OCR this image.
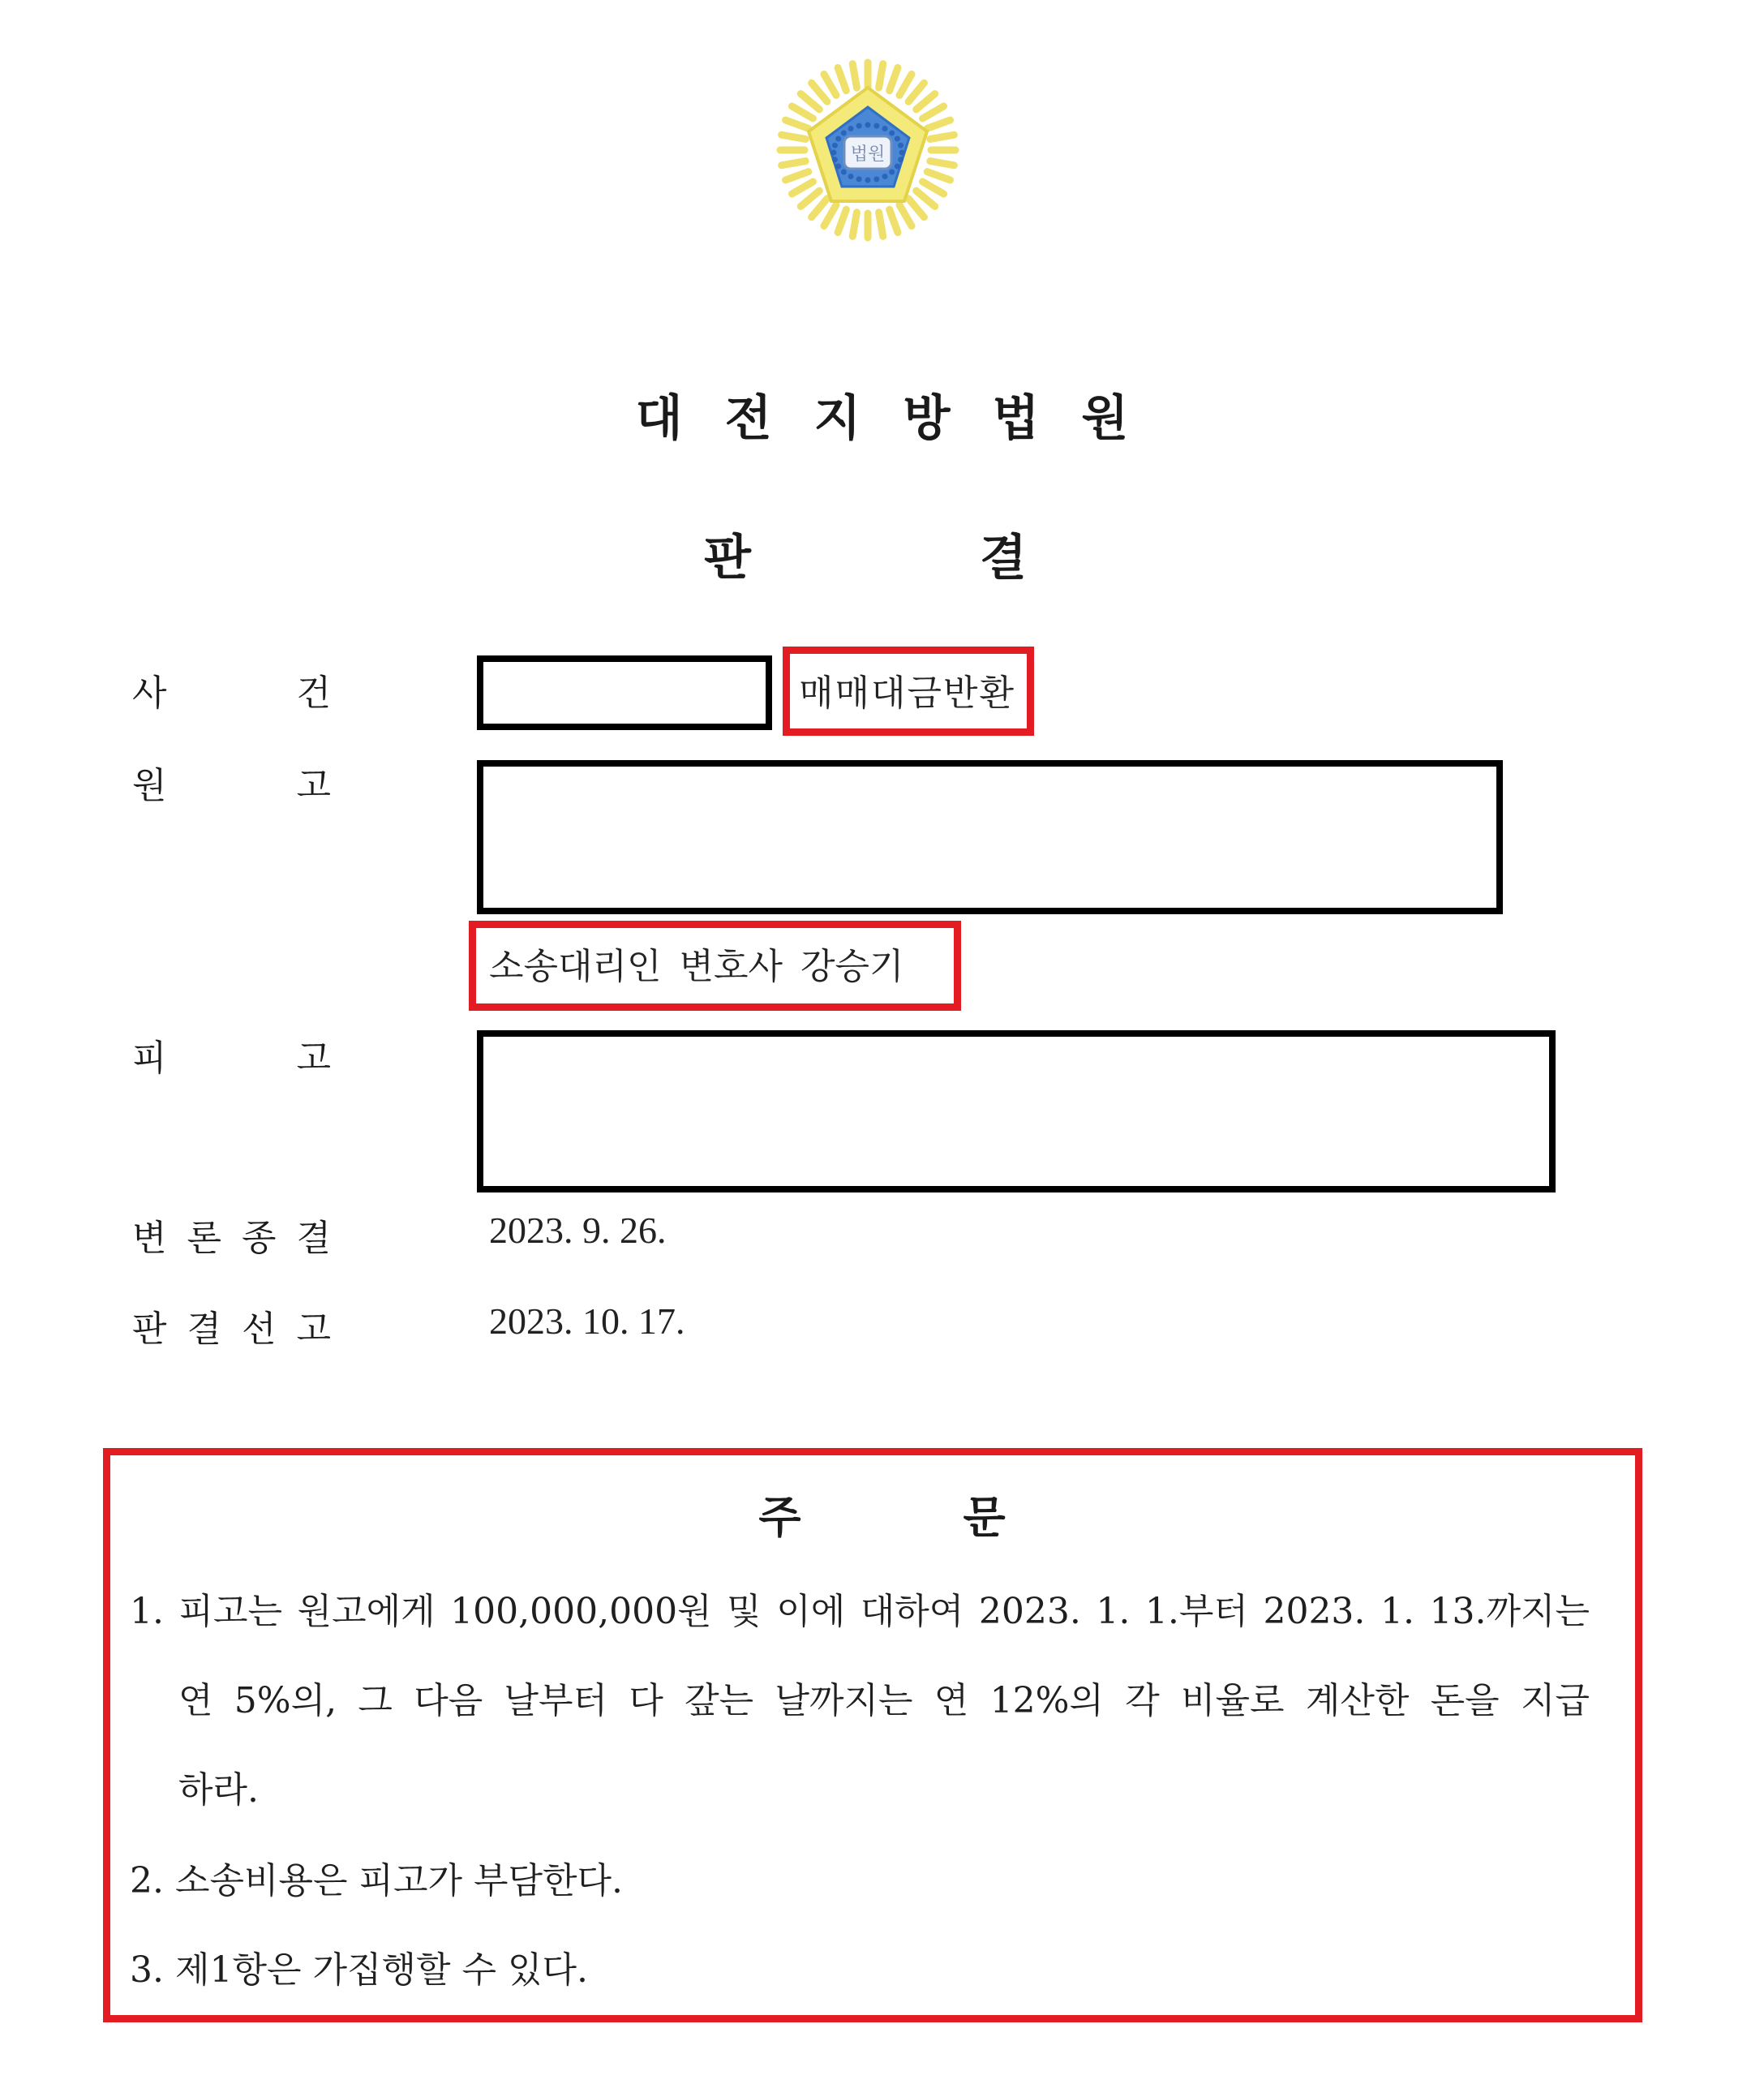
법원
대전지방법원
판	결
사	건	매매대금반환
원	고
소송대리인 변호사 강승기
피	고
변 론 종 결	2023. 9. 26.
판 결 선 고	2023. 10. 17.
주	문
1. 피고는 원고에게 100,000,000원 및 이에 대하여 2023. 1. 1.부터 2023. 1. 13.까지는
연 5%의, 그 다음 날부터 다 갚는 날까지는 연 12%의 각 비율로 계산한 돈을 지급
하라.
2. 소송비용은 피고가 부담한다.
3. 제1항은 가집행할 수 있다.
